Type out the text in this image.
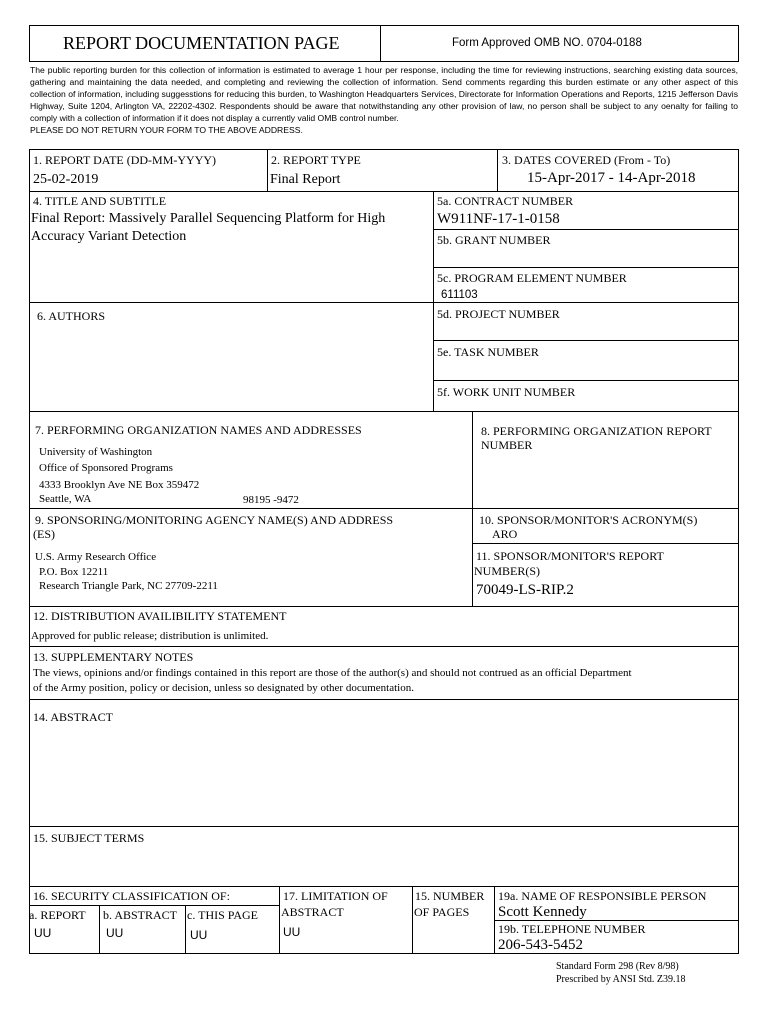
REPORT DOCUMENTATION PAGE	Form Approved OMB NO. 0704-0188
The public reporting burden for this collection of information is estimated to average 1 hour per response, including the time for reviewing instructions, searching existing data sources, gathering and maintaining the data needed, and completing and reviewing the collection of information. Send comments regarding this burden estimate or any other aspect of this collection of information, including suggesstions for reducing this burden, to Washington Headquarters Services, Directorate for Information Operations and Reports, 1215 Jefferson Davis Highway, Suite 1204, Arlington VA, 22202-4302. Respondents should be aware that notwithstanding any other provision of law, no person shall be subject to any oenalty for failing to comply with a collection of information if it does not display a currently valid OMB control number.
PLEASE DO NOT RETURN YOUR FORM TO THE ABOVE ADDRESS.
1. REPORT DATE (DD-MM-YYYY)
25-02-2019
2. REPORT TYPE
Final Report
3. DATES COVERED (From - To)
15-Apr-2017 - 14-Apr-2018
4. TITLE AND SUBTITLE
Final Report: Massively Parallel Sequencing Platform for High
Accuracy Variant Detection
5a. CONTRACT NUMBER
W911NF-17-1-0158
5b. GRANT NUMBER
5c. PROGRAM ELEMENT NUMBER
611103
6. AUTHORS	5d. PROJECT NUMBER
5e. TASK NUMBER
5f. WORK UNIT NUMBER
7. PERFORMING ORGANIZATION NAMES AND ADDRESSES
University of Washington
Office of Sponsored Programs
4333 Brooklyn Ave NE Box 359472
Seattle, WA	98195 -9472
8. PERFORMING ORGANIZATION REPORT
NUMBER
9. SPONSORING/MONITORING AGENCY NAME(S) AND ADDRESS
(ES)
U.S. Army Research Office
P.O. Box 12211
Research Triangle Park, NC 27709-2211
10. SPONSOR/MONITOR'S ACRONYM(S)
ARO
11. SPONSOR/MONITOR'S REPORT
NUMBER(S)
70049-LS-RIP.2
12. DISTRIBUTION AVAILIBILITY STATEMENT
Approved for public release; distribution is unlimited.
13. SUPPLEMENTARY NOTES
The views, opinions and/or findings contained in this report are those of the author(s) and should not contrued as an official Department
of the Army position, policy or decision, unless so designated by other documentation.
14. ABSTRACT
15. SUBJECT TERMS
16. SECURITY CLASSIFICATION OF:
a. REPORT
UU
b. ABSTRACT
UU
c. THIS PAGE
UU
17. LIMITATION OF
ABSTRACT
UU
15. NUMBER
OF PAGES
19a. NAME OF RESPONSIBLE PERSON
Scott Kennedy
19b. TELEPHONE NUMBER
206-543-5452
Standard Form 298 (Rev 8/98)
Prescribed by ANSI Std. Z39.18
